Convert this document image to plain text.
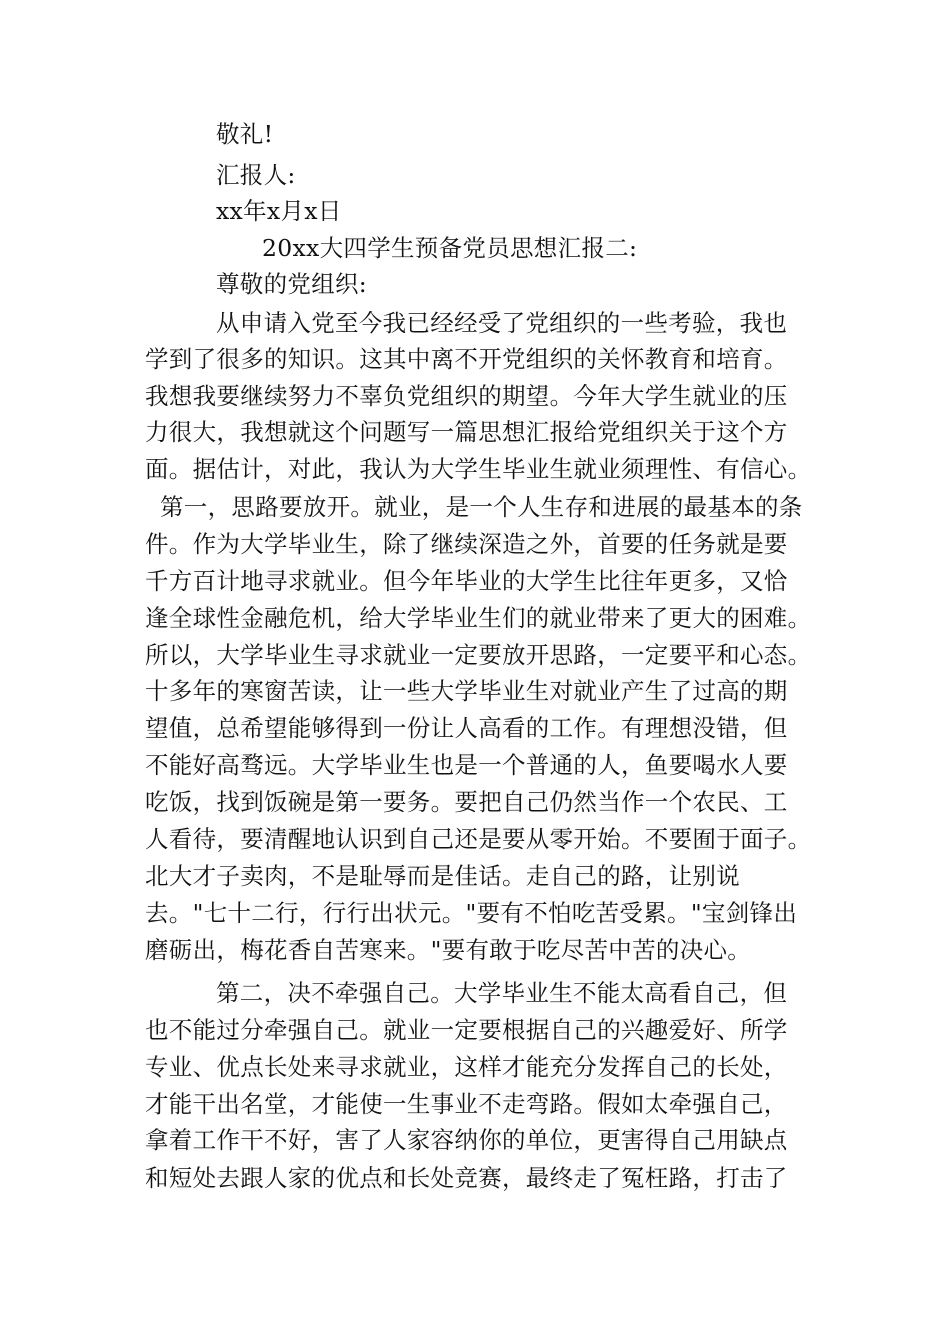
敬礼!
汇报人:
xx年x月x日
20xx大四学生预备党员思想汇报二:
尊敬的党组织:
从申请入党至今我已经经受了党组织的一些考验，我也
学到了很多的知识。这其中离不开党组织的关怀教育和培育。
我想我要继续努力不辜负党组织的期望。今年大学生就业的压
力很大，我想就这个问题写一篇思想汇报给党组织关于这个方
面。据估计，对此，我认为大学生毕业生就业须理性、有信心。
第一，思路要放开。就业，是一个人生存和进展的最基本的条
件。作为大学毕业生，除了继续深造之外，首要的任务就是要
千方百计地寻求就业。但今年毕业的大学生比往年更多，又恰
逢全球性金融危机，给大学毕业生们的就业带来了更大的困难。
所以，大学毕业生寻求就业一定要放开思路，一定要平和心态。
十多年的寒窗苦读，让一些大学毕业生对就业产生了过高的期
望值，总希望能够得到一份让人高看的工作。有理想没错，但
不能好高骛远。大学毕业生也是一个普通的人，鱼要喝水人要
吃饭，找到饭碗是第一要务。要把自己仍然当作一个农民、工
人看待，要清醒地认识到自己还是要从零开始。不要囿于面子。
北大才子卖肉，不是耻辱而是佳话。走自己的路，让别说
去。"七十二行，行行出状元。"要有不怕吃苦受累。"宝剑锋出
磨砺出，梅花香自苦寒来。"要有敢于吃尽苦中苦的决心。
第二，决不牵强自己。大学毕业生不能太高看自己，但
也不能过分牵强自己。就业一定要根据自己的兴趣爱好、所学
专业、优点长处来寻求就业，这样才能充分发挥自己的长处，
才能干出名堂，才能使一生事业不走弯路。假如太牵强自己，
拿着工作干不好，害了人家容纳你的单位，更害得自己用缺点
和短处去跟人家的优点和长处竞赛，最终走了冤枉路，打击了
